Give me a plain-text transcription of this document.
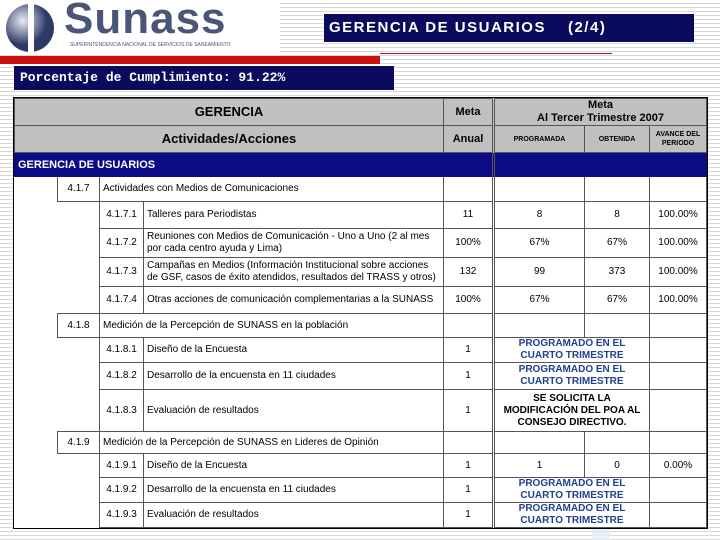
Sunass
SUPERINTENDENCIA NACIONAL DE SERVICIOS DE SANEAMIENTO
GERENCIA DE USUARIOS (2/4)
Porcentaje de Cumplimiento: 91.22%
GERENCIA				Meta	Meta
Al Tercer Trimestre 2007		

Actividades/Acciones				Anual	PROGRAMADA	OBTENIDA	AVANCE DEL PERIODO
GERENCIA DE USUARIOS							
	4.1.7	Actividades con Medios de Comunicaciones					
		4.1.7.1	Talleres para Periodistas	11	8	8	100.00%
		4.1.7.2	Reuniones con Medios de Comunicación - Uno a Uno (2 al mes por cada centro ayuda y Lima)	100%	67%	67%	100.00%
		4.1.7.3	Campañas en Medios (Información Institucional sobre acciones de GSF, casos de éxito atendidos, resultados del TRASS y otros)	132	99	373	100.00%
		4.1.7.4	Otras acciones de comunicación complementarias a la SUNASS	100%	67%	67%	100.00%
	4.1.8	Medición de la Percepción de SUNASS en la población					
		4.1.8.1	Diseño de la Encuesta	1	PROGRAMADO EN EL CUARTO TRIMESTRE		
		4.1.8.2	Desarrollo de la encuensta en 11 ciudades	1	PROGRAMADO EN EL CUARTO TRIMESTRE		
		4.1.8.3	Evaluación de resultados	1	SE SOLICITA LA MODIFICACIÓN DEL POA AL CONSEJO DIRECTIVO.		
	4.1.9	Medición de la Percepción de SUNASS en Lideres de Opinión					
		4.1.9.1	Diseño de la Encuesta	1	1	0	0.00%
		4.1.9.2	Desarrollo de la encuensta en 11 ciudades	1	PROGRAMADO EN EL CUARTO TRIMESTRE		
		4.1.9.3	Evaluación de resultados	1	PROGRAMADO EN EL CUARTO TRIMESTRE		
